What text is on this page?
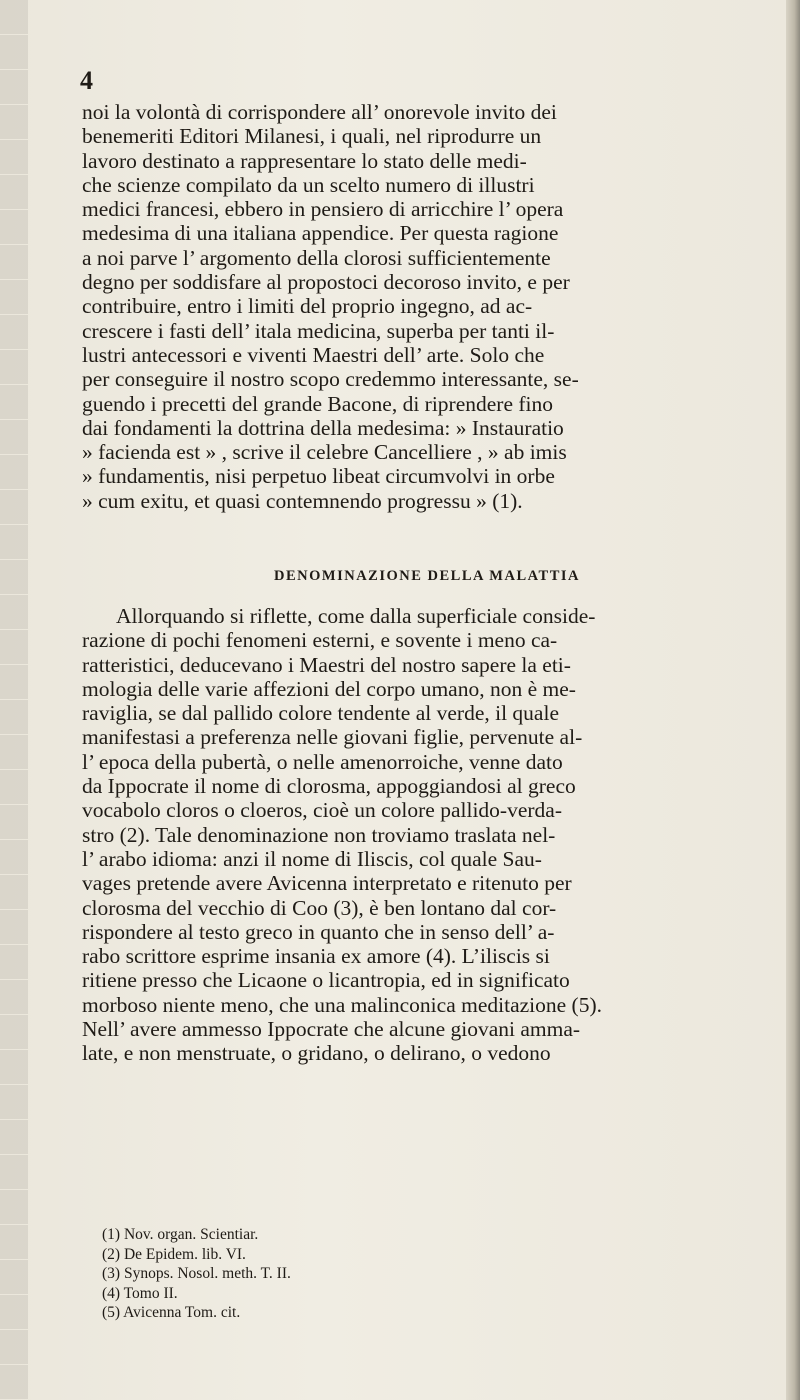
4
noi la volontà di corrispondere all’ onorevole invito dei
benemeriti Editori Milanesi, i quali, nel riprodurre un
lavoro destinato a rappresentare lo stato delle medi-
che scienze compilato da un scelto numero di illustri
medici francesi, ebbero in pensiero di arricchire l’ opera
medesima di una italiana appendice. Per questa ragione
a noi parve l’ argomento della clorosi sufficientemente
degno per soddisfare al propostoci decoroso invito, e per
contribuire, entro i limiti del proprio ingegno, ad ac-
crescere i fasti dell’ itala medicina, superba per tanti il-
lustri antecessori e viventi Maestri dell’ arte. Solo che
per conseguire il nostro scopo credemmo interessante, se-
guendo i precetti del grande Bacone, di riprendere fino
dai fondamenti la dottrina della medesima: » Instauratio
» facienda est » , scrive il celebre Cancelliere , » ab imis
» fundamentis, nisi perpetuo libeat circumvolvi in orbe
» cum exitu, et quasi contemnendo progressu » (1).
DENOMINAZIONE DELLA MALATTIA
Allorquando si riflette, come dalla superficiale conside-
razione di pochi fenomeni esterni, e sovente i meno ca-
ratteristici, deducevano i Maestri del nostro sapere la eti-
mologia delle varie affezioni del corpo umano, non è me-
raviglia, se dal pallido colore tendente al verde, il quale
manifestasi a preferenza nelle giovani figlie, pervenute al-
l’ epoca della pubertà, o nelle amenorroiche, venne dato
da Ippocrate il nome di clorosma, appoggiandosi al greco
vocabolo cloros o cloeros, cioè un colore pallido-verda-
stro (2). Tale denominazione non troviamo traslata nel-
l’ arabo idioma: anzi il nome di Iliscis, col quale Sau-
vages pretende avere Avicenna interpretato e ritenuto per
clorosma del vecchio di Coo (3), è ben lontano dal cor-
rispondere al testo greco in quanto che in senso dell’ a-
rabo scrittore esprime insania ex amore (4). L’iliscis si
ritiene presso che Licaone o licantropia, ed in significato
morboso niente meno, che una malinconica meditazione (5).
Nell’ avere ammesso Ippocrate che alcune giovani amma-
late, e non menstruate, o gridano, o delirano, o vedono
(1) Nov. organ. Scientiar.
(2) De Epidem. lib. VI.
(3) Synops. Nosol. meth. T. II.
(4) Tomo II.
(5) Avicenna Tom. cit.
